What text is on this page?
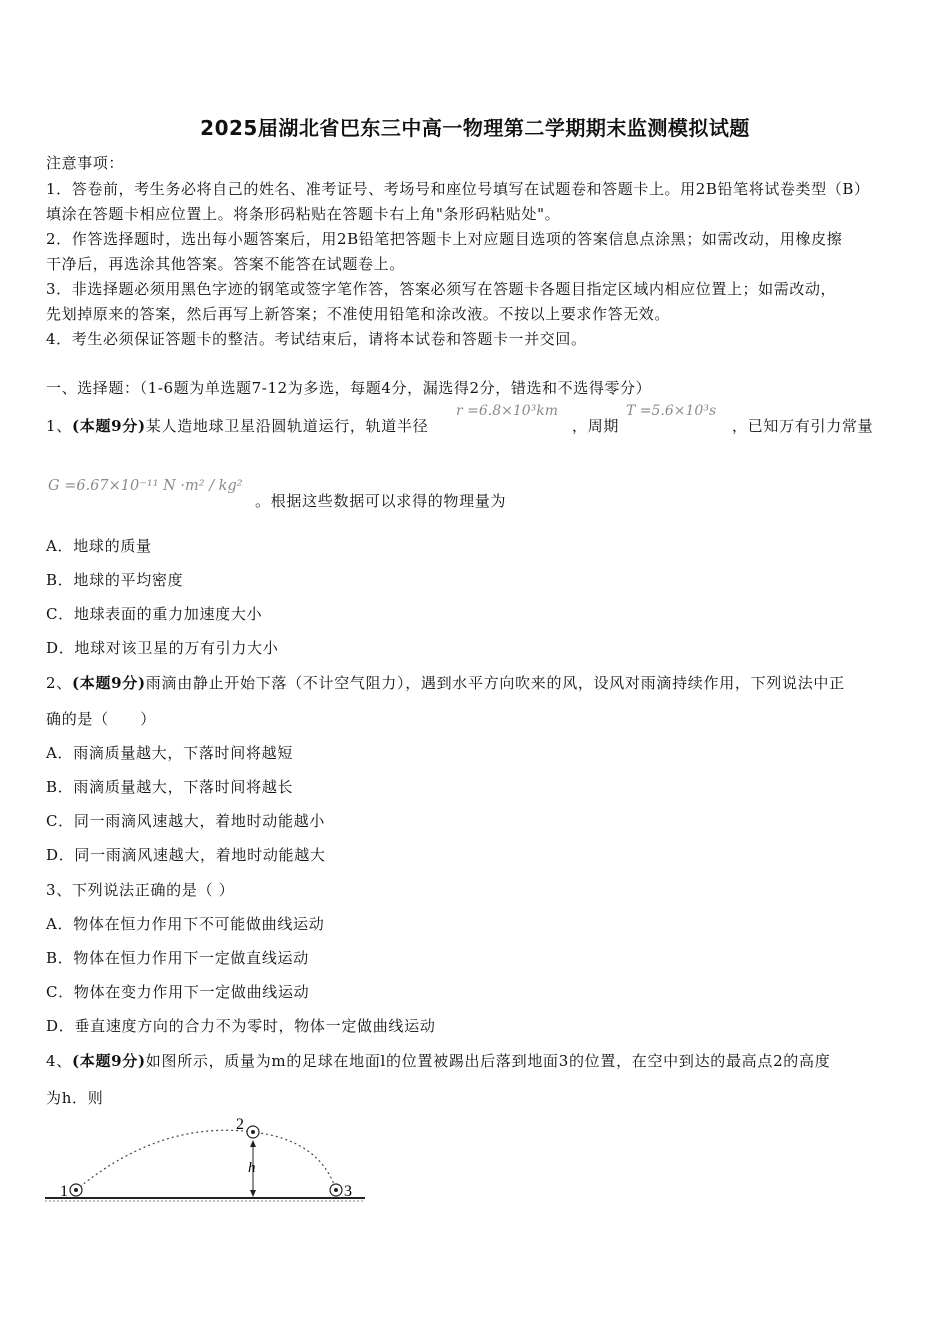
2025届湖北省巴东三中高一物理第二学期期末监测模拟试题
注意事项：
1．答卷前，考生务必将自己的姓名、准考证号、考场号和座位号填写在试题卷和答题卡上。用2B铅笔将试卷类型（B）
填涂在答题卡相应位置上。将条形码粘贴在答题卡右上角"条形码粘贴处"。
2．作答选择题时，选出每小题答案后，用2B铅笔把答题卡上对应题目选项的答案信息点涂黑；如需改动，用橡皮擦
干净后，再选涂其他答案。答案不能答在试题卷上。
3．非选择题必须用黑色字迹的钢笔或签字笔作答，答案必须写在答题卡各题目指定区域内相应位置上；如需改动，
先划掉原来的答案，然后再写上新答案；不准使用铅笔和涂改液。不按以上要求作答无效。
4．考生必须保证答题卡的整洁。考试结束后，请将本试卷和答题卡一并交回。
一、选择题：（1-6题为单选题7-12为多选，每题4分，漏选得2分，错选和不选得零分）
1、(本题9分)某人造地球卫星沿圆轨道运行，轨道半径
r =6.8×10³km
，周期
T =5.6×10³s
，已知万有引力常量
G =6.67×10⁻¹¹ N ·m² / kg²
。根据这些数据可以求得的物理量为
A．地球的质量
B．地球的平均密度
C．地球表面的重力加速度大小
D．地球对该卫星的万有引力大小
2、(本题9分)雨滴由静止开始下落（不计空气阻力），遇到水平方向吹来的风，设风对雨滴持续作用，下列说法中正
确的是（　　）
A．雨滴质量越大，下落时间将越短
B．雨滴质量越大，下落时间将越长
C．同一雨滴风速越大，着地时动能越小
D．同一雨滴风速越大，着地时动能越大
3、下列说法正确的是（ ）
A．物体在恒力作用下不可能做曲线运动
B．物体在恒力作用下一定做直线运动
C．物体在变力作用下一定做曲线运动
D．垂直速度方向的合力不为零时，物体一定做曲线运动
4、(本题9分)如图所示，质量为m的足球在地面l的位置被踢出后落到地面3的位置，在空中到达的最高点2的高度
为h．则
1
2
3
h
